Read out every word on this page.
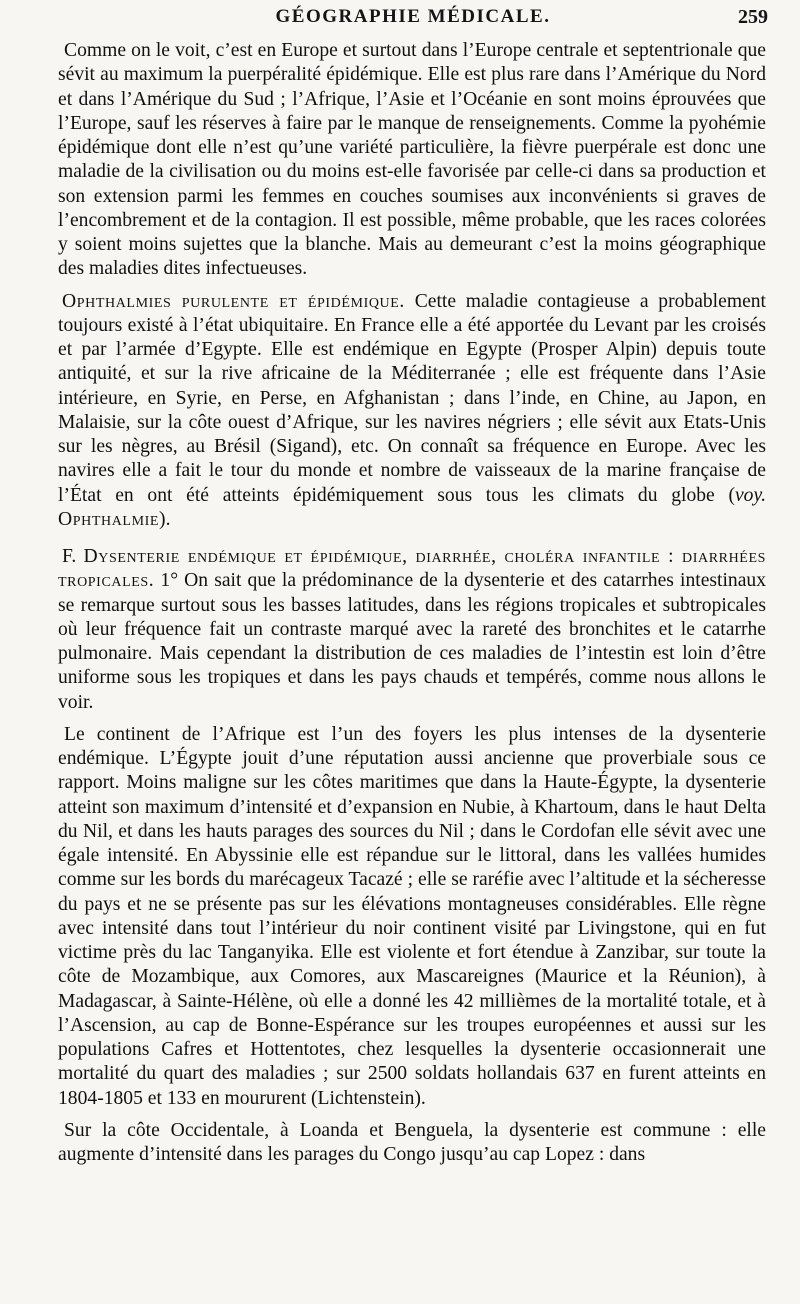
GÉOGRAPHIE MÉDICALE.	259

Comme on le voit, c’est en Europe et surtout dans l’Europe centrale et septentrionale que sévit au maximum la puerpéralité épidémique. Elle est plus rare dans l’Amérique du Nord et dans l’Amérique du Sud ; l’Afrique, l’Asie et l’Océanie en sont moins éprouvées que l’Europe, sauf les réserves à faire par le manque de renseignements. Comme la pyohémie épidémique dont elle n’est qu’une variété particulière, la fièvre puerpérale est donc une maladie de la civilisation ou du moins est-elle favorisée par celle-ci dans sa production et son extension parmi les femmes en couches soumises aux inconvénients si graves de l’encombrement et de la contagion. Il est possible, même probable, que les races colorées y soient moins sujettes que la blanche. Mais au demeurant c’est la moins géographique des maladies dites infectueuses.

Ophthalmies purulente et épidémique. Cette maladie contagieuse a probablement toujours existé à l’état ubiquitaire. En France elle a été apportée du Levant par les croisés et par l’armée d’Egypte. Elle est endémique en Egypte (Prosper Alpin) depuis toute antiquité, et sur la rive africaine de la Méditerranée ; elle est fréquente dans l’Asie intérieure, en Syrie, en Perse, en Afghanistan ; dans l’inde, en Chine, au Japon, en Malaisie, sur la côte ouest d’Afrique, sur les navires négriers ; elle sévit aux Etats-Unis sur les nègres, au Brésil (Sigand), etc. On connaît sa fréquence en Europe. Avec les navires elle a fait le tour du monde et nombre de vaisseaux de la marine française de l’État en ont été atteints épidémiquement sous tous les climats du globe (voy. Ophthalmie).

F. Dysenterie endémique et épidémique, diarrhée, choléra infantile : diarrhées tropicales. 1° On sait que la prédominance de la dysenterie et des catarrhes intestinaux se remarque surtout sous les basses latitudes, dans les régions tropicales et subtropicales où leur fréquence fait un contraste marqué avec la rareté des bronchites et le catarrhe pulmonaire. Mais cependant la distribution de ces maladies de l’intestin est loin d’être uniforme sous les tropiques et dans les pays chauds et tempérés, comme nous allons le voir.

Le continent de l’Afrique est l’un des foyers les plus intenses de la dysenterie endémique. L’Égypte jouit d’une réputation aussi ancienne que proverbiale sous ce rapport. Moins maligne sur les côtes maritimes que dans la Haute-Égypte, la dysenterie atteint son maximum d’intensité et d’expansion en Nubie, à Khartoum, dans le haut Delta du Nil, et dans les hauts parages des sources du Nil ; dans le Cordofan elle sévit avec une égale intensité. En Abyssinie elle est répandue sur le littoral, dans les vallées humides comme sur les bords du marécageux Tacazé ; elle se raréfie avec l’altitude et la sécheresse du pays et ne se présente pas sur les élévations montagneuses considérables. Elle règne avec intensité dans tout l’intérieur du noir continent visité par Livingstone, qui en fut victime près du lac Tanganyika. Elle est violente et fort étendue à Zanzibar, sur toute la côte de Mozambique, aux Comores, aux Mascareignes (Maurice et la Réunion), à Madagascar, à Sainte-Hélène, où elle a donné les 42 millièmes de la mortalité totale, et à l’Ascension, au cap de Bonne-Espérance sur les troupes européennes et aussi sur les populations Cafres et Hottentotes, chez lesquelles la dysenterie occasionnerait une mortalité du quart des maladies ; sur 2500 soldats hollandais 637 en furent atteints en 1804-1805 et 133 en moururent (Lichtenstein).

Sur la côte Occidentale, à Loanda et Benguela, la dysenterie est commune : elle augmente d’intensité dans les parages du Congo jusqu’au cap Lopez : dans
